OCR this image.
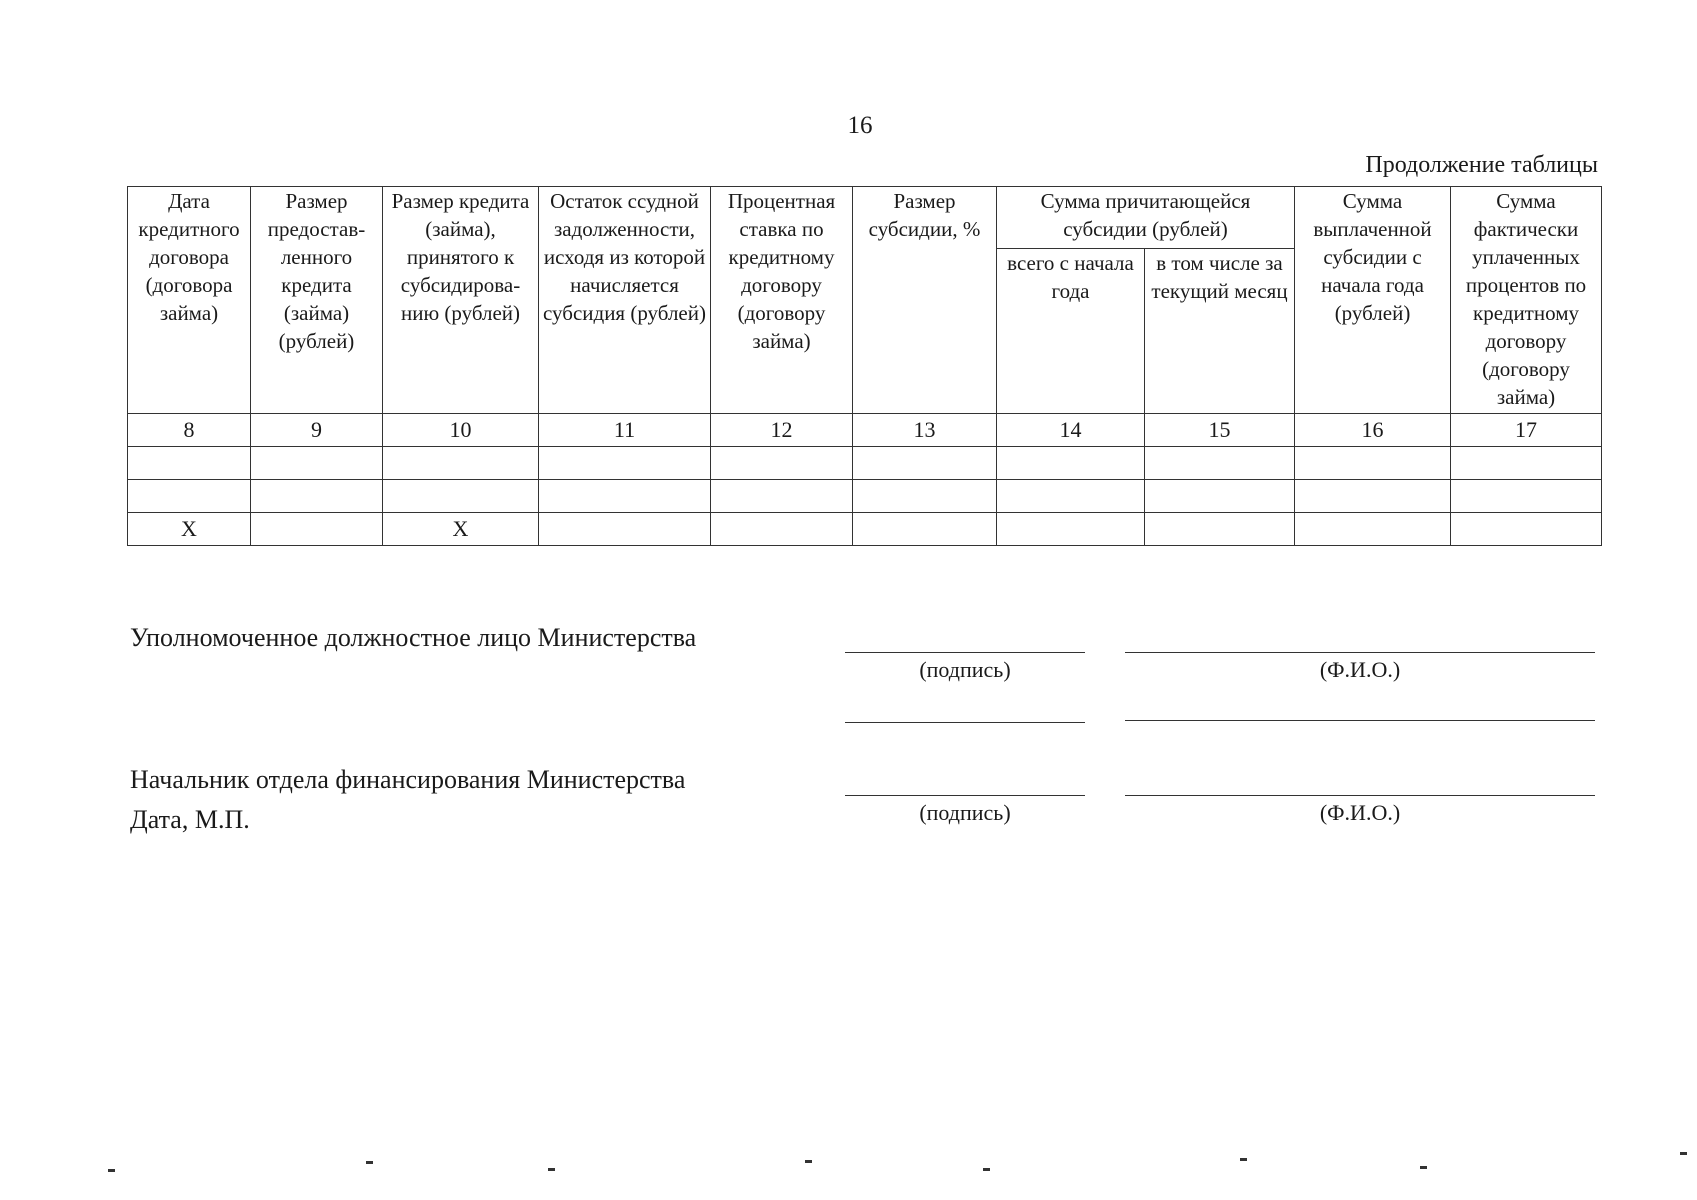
16
Продолжение таблицы
Дата кредитного договора (договора займа)	Размер предостав-ленного кредита (займа) (рублей)	Размер кредита (займа), принятого к субсидирова-нию (рублей)	Остаток ссудной задолженности, исходя из которой начисляется субсидия (рублей)	Процентная ставка по кредитному договору (договору займа)	Размер субсидии, %	Сумма причитающейся субсидии (рублей)		Сумма выплаченной субсидии с начала года (рублей)	Сумма фактически уплаченных процентов по кредитному договору (договору займа)
						всего с начала года	в том числе за текущий месяц		
8	9	10	11	12	13	14	15	16	17

X		X							
Уполномоченное должностное лицо Министерства
(подпись)	(Ф.И.О.)
Начальник отдела финансирования Министерства
Дата, М.П.	(подпись)	(Ф.И.О.)
